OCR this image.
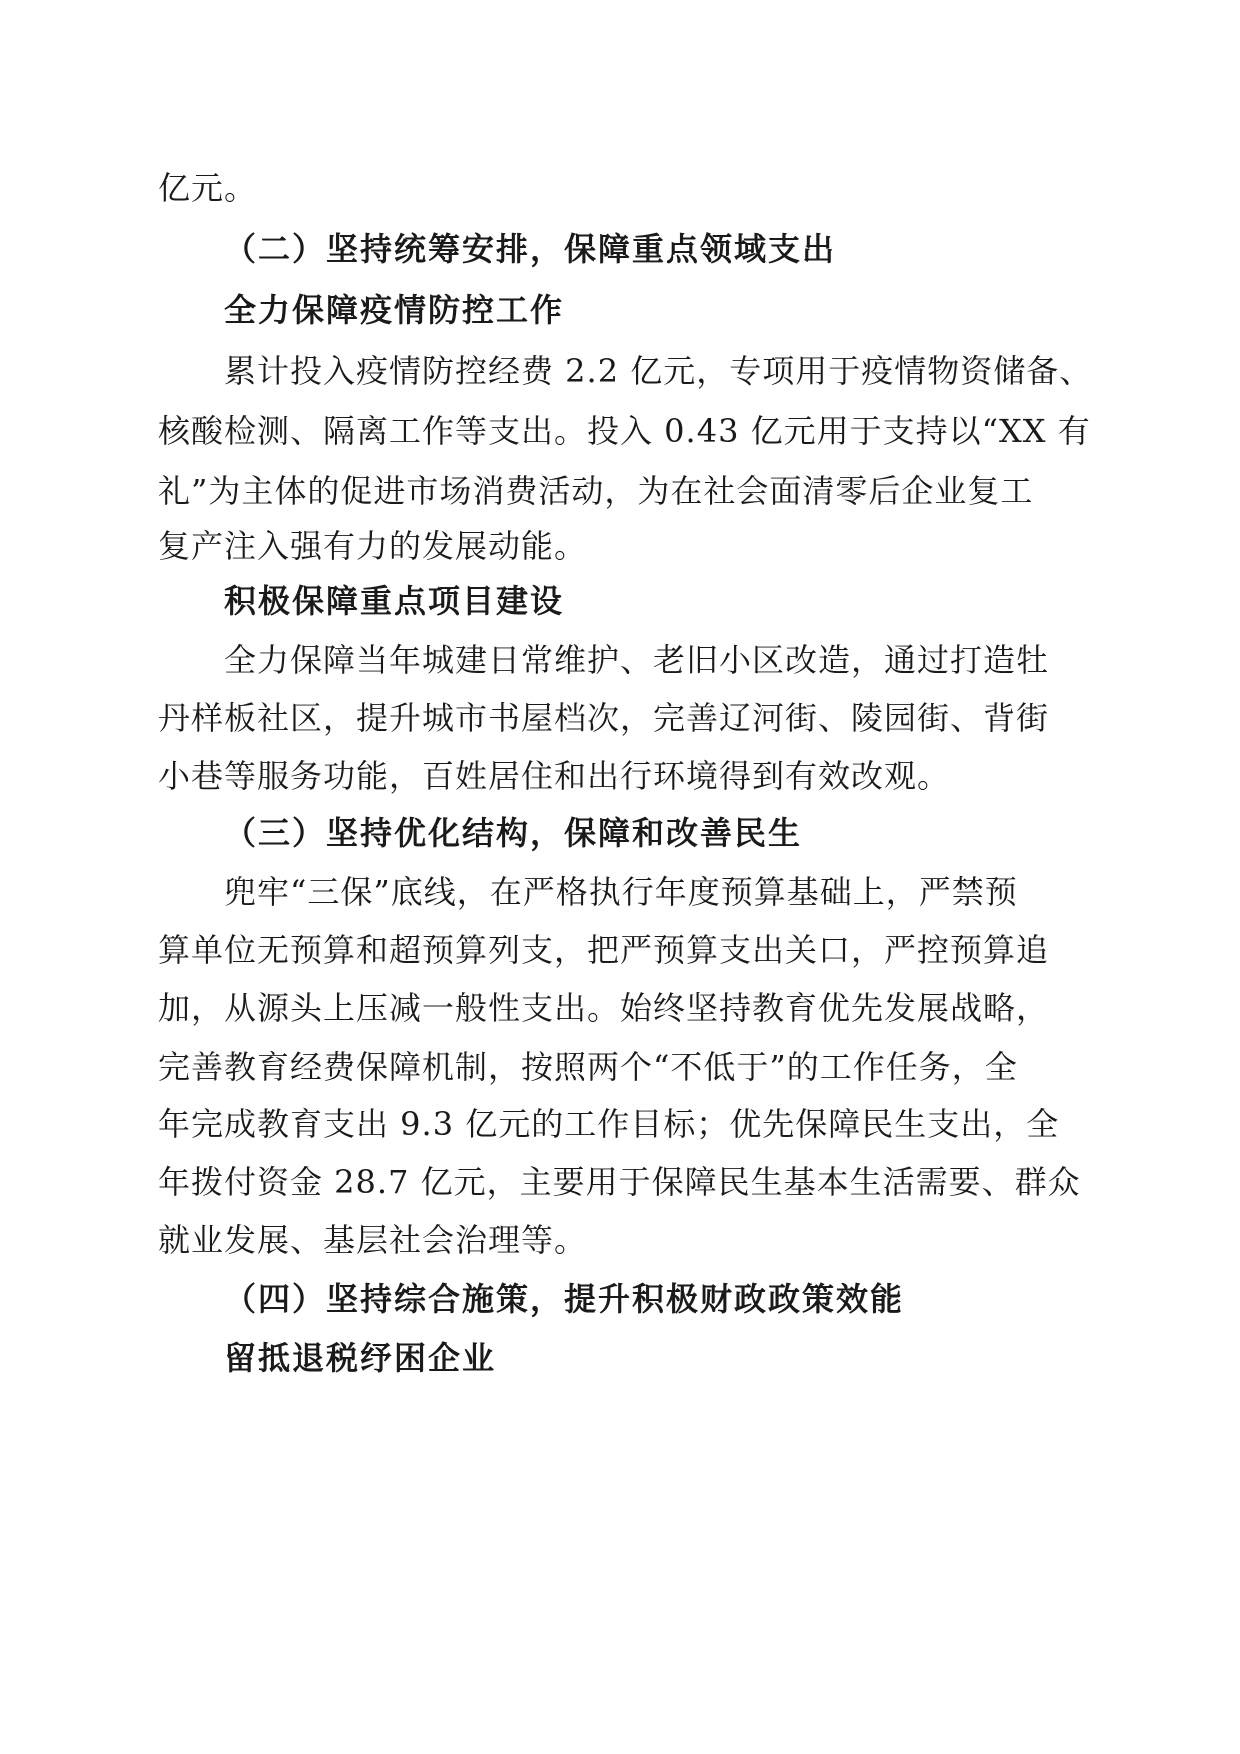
亿元。
（二）坚持统筹安排，保障重点领域支出
全力保障疫情防控工作
累计投入疫情防控经费 2.2 亿元，专项用于疫情物资储备、
核酸检测、隔离工作等支出。投入 0.43 亿元用于支持以“XX 有
礼”为主体的促进市场消费活动，为在社会面清零后企业复工
复产注入强有力的发展动能。
积极保障重点项目建设
全力保障当年城建日常维护、老旧小区改造，通过打造牡
丹样板社区，提升城市书屋档次，完善辽河街、陵园街、背街
小巷等服务功能，百姓居住和出行环境得到有效改观。
（三）坚持优化结构，保障和改善民生
兜牢“三保”底线，在严格执行年度预算基础上，严禁预
算单位无预算和超预算列支，把严预算支出关口，严控预算追
加，从源头上压减一般性支出。始终坚持教育优先发展战略，
完善教育经费保障机制，按照两个“不低于”的工作任务，全
年完成教育支出 9.3 亿元的工作目标；优先保障民生支出，全
年拨付资金 28.7 亿元，主要用于保障民生基本生活需要、群众
就业发展、基层社会治理等。
（四）坚持综合施策，提升积极财政政策效能
留抵退税纾困企业
